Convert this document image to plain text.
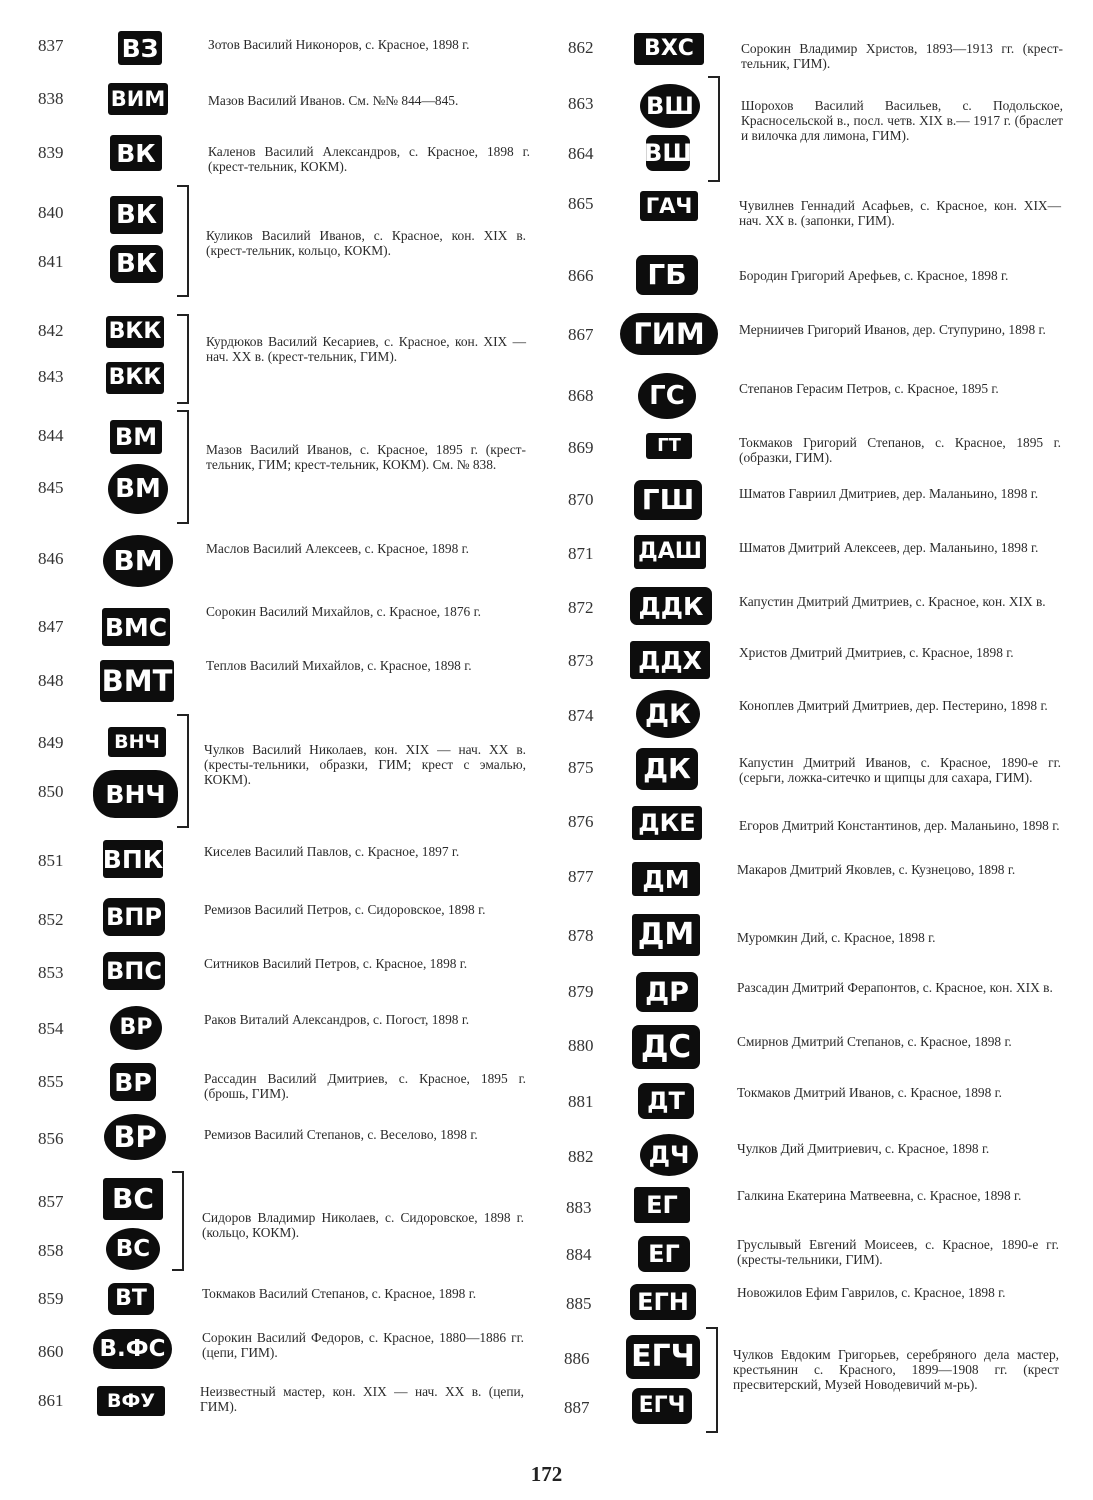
837
838
839
840
841
842
843
844
845
846
847
848
849
850
851
852
853
854
855
856
857
858
859
860
861
ВЗ
ВИМ
ВК
ВК
ВК
ВКК
ВКК
ВМ
ВМ
ВМ
ВМС
ВМТ
ВНЧ
ВНЧ
ВПК
ВПР
ВПС
ВР
ВР
ВР
ВС
ВС
ВТ
В.ФС
ВФУ
Зотов Василий Никоноров, с. Красное, 1898 г.
Мазов Василий Иванов. См. №№ 844—845.
Каленов Василий Александров, с. Красное, 1898 г. (крест-тельник, КОКМ).
Куликов Василий Иванов, с. Красное, кон. XIX в. (крест-тельник, кольцо, КОКМ).
Курдюков Василий Кесариев, с. Красное, кон. XIX — нач. XX в. (крест-тельник, ГИМ).
Мазов Василий Иванов, с. Красное, 1895 г. (крест-тельник, ГИМ; крест-тельник, КОКМ). См. № 838.
Маслов Василий Алексеев, с. Красное, 1898 г.
Сорокин Василий Михайлов, с. Красное, 1876 г.
Теплов Василий Михайлов, с. Красное, 1898 г.
Чулков Василий Николаев, кон. XIX — нач. XX в. (кресты-тельники, образки, ГИМ; крест с эмалью, КОКМ).
Киселев Василий Павлов, с. Красное, 1897 г.
Ремизов Василий Петров, с. Сидоровское, 1898 г.
Ситников Василий Петров, с. Красное, 1898 г.
Раков Виталий Александров, с. Погост, 1898 г.
Рассадин Василий Дмитриев, с. Красное, 1895 г. (брошь, ГИМ).
Ремизов Василий Степанов, с. Веселово, 1898 г.
Сидоров Владимир Николаев, с. Сидоровское, 1898 г. (кольцо, КОКМ).
Токмаков Василий Степанов, с. Красное, 1898 г.
Сорокин Василий Федоров, с. Красное, 1880—1886 гг. (цепи, ГИМ).
Неизвестный мастер, кон. XIX — нач. XX в. (цепи, ГИМ).
862
863
864
865
866
867
868
869
870
871
872
873
874
875
876
877
878
879
880
881
882
883
884
885
886
887
ВХС
ВШ
ВШ
ГАЧ
ГБ
ГИМ
ГС
ГТ
ГШ
ДАШ
ДДК
ДДХ
ДК
ДК
ДКЕ
ДМ
ДМ
ДР
ДС
ДТ
ДЧ
ЕГ
ЕГ
ЕГН
ЕГЧ
ЕГЧ
Сорокин Владимир Христов, 1893—1913 гг. (крест-тельник, ГИМ).
Шорохов Василий Васильев, с. Подольское, Красносельской в., посл. четв. XIX в.— 1917 г. (браслет и вилочка для лимона, ГИМ).
Чувилнев Геннадий Асафьев, с. Красное, кон. XIX—нач. XX в. (запонки, ГИМ).
Бородин Григорий Арефьев, с. Красное, 1898 г.
Мерниичев Григорий Иванов, дер. Ступурино, 1898 г.
Степанов Герасим Петров, с. Красное, 1895 г.
Токмаков Григорий Степанов, с. Красное, 1895 г. (образки, ГИМ).
Шматов Гавриил Дмитриев, дер. Маланьино, 1898 г.
Шматов Дмитрий Алексеев, дер. Маланьино, 1898 г.
Капустин Дмитрий Дмитриев, с. Красное, кон. XIX в.
Христов Дмитрий Дмитриев, с. Красное, 1898 г.
Коноплев Дмитрий Дмитриев, дер. Пестерино, 1898 г.
Капустин Дмитрий Иванов, с. Красное, 1890-е гг. (серьги, ложка-ситечко и щипцы для сахара, ГИМ).
Егоров Дмитрий Константинов, дер. Маланьино, 1898 г.
Макаров Дмитрий Яковлев, с. Кузнецово, 1898 г.
Муромкин Дий, с. Красное, 1898 г.
Разсадин Дмитрий Ферапонтов, с. Красное, кон. XIX в.
Смирнов Дмитрий Степанов, с. Красное, 1898 г.
Токмаков Дмитрий Иванов, с. Красное, 1898 г.
Чулков Дий Дмитриевич, с. Красное, 1898 г.
Галкина Екатерина Матвеевна, с. Красное, 1898 г.
Груслывый Евгений Моисеев, с. Красное, 1890-е гг. (кресты-тельники, ГИМ).
Новожилов Ефим Гаврилов, с. Красное, 1898 г.
Чулков Евдоким Григорьев, серебряного дела мастер, крестьянин с. Красного, 1899—1908 гг. (крест пресвитерский, Музей Новодевичий м-рь).
172
